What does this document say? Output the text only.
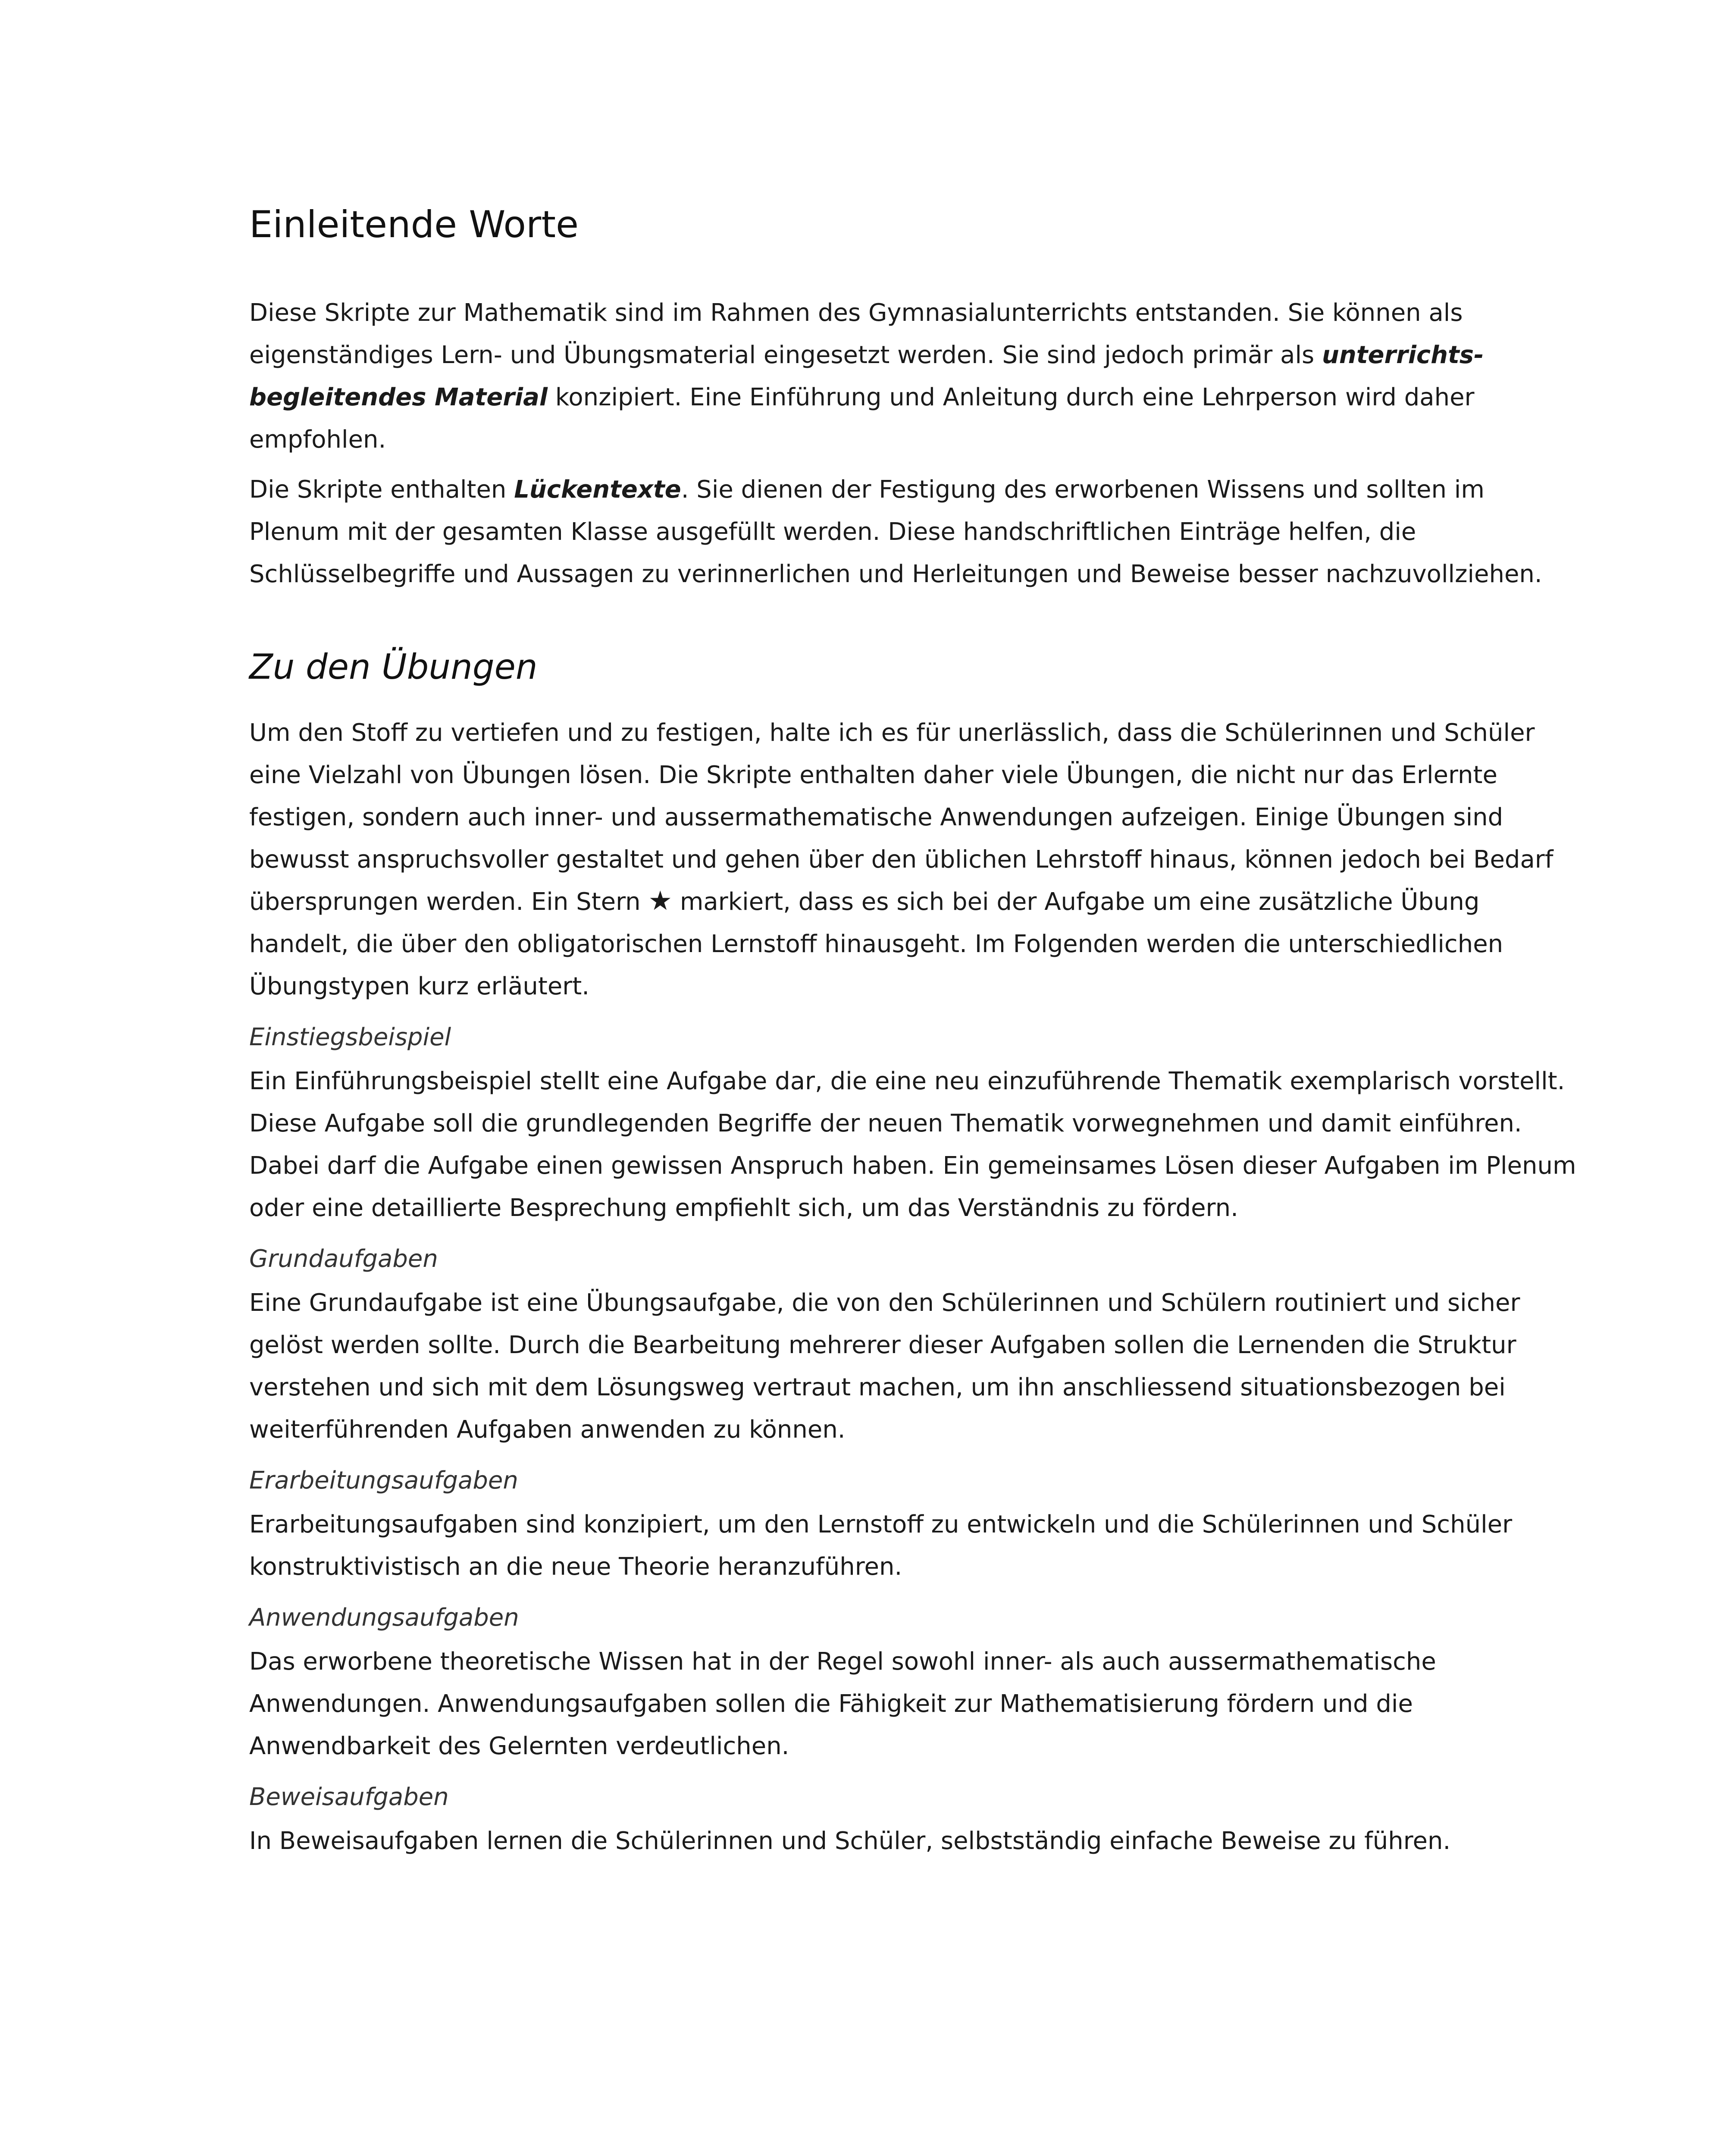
Einleitende Worte

Diese Skripte zur Mathematik sind im Rahmen des Gymnasialunterrichts entstanden. Sie können als eigenständiges Lern- und Übungsmaterial eingesetzt werden. Sie sind jedoch primär als unterrichts-begleitendes Material konzipiert. Eine Einführung und Anleitung durch eine Lehrperson wird daher empfohlen.

Die Skripte enthalten Lückentexte. Sie dienen der Festigung des erworbenen Wissens und sollten im Plenum mit der gesamten Klasse ausgefüllt werden. Diese handschriftlichen Einträge helfen, die Schlüsselbegriffe und Aussagen zu verinnerlichen und Herleitungen und Beweise besser nachzuvollziehen.

Zu den Übungen

Um den Stoff zu vertiefen und zu festigen, halte ich es für unerlässlich, dass die Schülerinnen und Schüler eine Vielzahl von Übungen lösen. Die Skripte enthalten daher viele Übungen, die nicht nur das Erlernte festigen, sondern auch inner- und aussermathematische Anwendungen aufzeigen. Einige Übungen sind bewusst anspruchsvoller gestaltet und gehen über den üblichen Lehrstoff hinaus, können jedoch bei Bedarf übersprungen werden. Ein Stern ★ markiert, dass es sich bei der Aufgabe um eine zusätzliche Übung handelt, die über den obligatorischen Lernstoff hinausgeht. Im Folgenden werden die unterschiedlichen Übungstypen kurz erläutert.

Einstiegsbeispiel

Ein Einführungsbeispiel stellt eine Aufgabe dar, die eine neu einzuführende Thematik exemplarisch vorstellt. Diese Aufgabe soll die grundlegenden Begriffe der neuen Thematik vorwegnehmen und damit einführen. Dabei darf die Aufgabe einen gewissen Anspruch haben. Ein gemeinsames Lösen dieser Aufgaben im Plenum oder eine detaillierte Besprechung empfiehlt sich, um das Verständnis zu fördern.

Grundaufgaben

Eine Grundaufgabe ist eine Übungsaufgabe, die von den Schülerinnen und Schülern routiniert und sicher gelöst werden sollte. Durch die Bearbeitung mehrerer dieser Aufgaben sollen die Lernenden die Struktur verstehen und sich mit dem Lösungsweg vertraut machen, um ihn anschliessend situationsbezogen bei weiterführenden Aufgaben anwenden zu können.

Erarbeitungsaufgaben

Erarbeitungsaufgaben sind konzipiert, um den Lernstoff zu entwickeln und die Schülerinnen und Schüler konstruktivistisch an die neue Theorie heranzuführen.

Anwendungsaufgaben

Das erworbene theoretische Wissen hat in der Regel sowohl inner- als auch aussermathematische Anwendungen. Anwendungsaufgaben sollen die Fähigkeit zur Mathematisierung fördern und die Anwendbarkeit des Gelernten verdeutlichen.

Beweisaufgaben

In Beweisaufgaben lernen die Schülerinnen und Schüler, selbstständig einfache Beweise zu führen.
